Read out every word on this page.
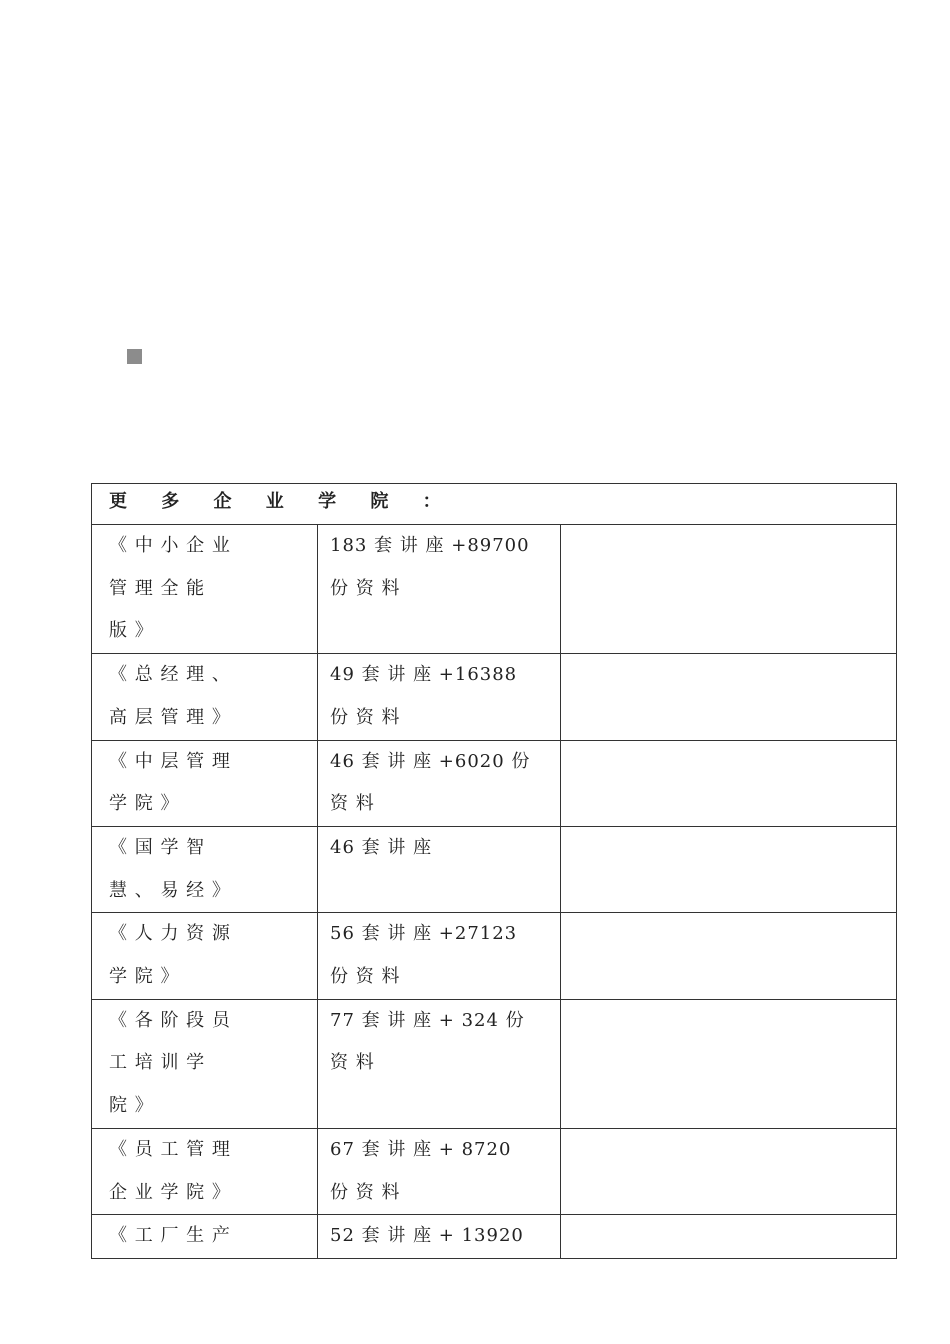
更 多 企 业 学 院 ：		

《 中 小 企 业
管 理 全 能
版 》	183 套 讲 座 +89700
份 资 料	

《 总 经 理 、
高 层 管 理 》	49 套 讲 座 +16388
份 资 料	

《 中 层 管 理
学 院 》	46 套 讲 座 +6020 份
资 料	

《 国 学 智
慧 、 易 经 》	46 套 讲 座	

《 人 力 资 源
学 院 》	56 套 讲 座 +27123
份 资 料	

《 各 阶 段 员
工 培 训 学
院 》	77 套 讲 座 + 324 份
资 料	

《 员 工 管 理
企 业 学 院 》	67 套 讲 座 + 8720
份 资 料	

《 工 厂 生 产	52 套 讲 座 + 13920	
